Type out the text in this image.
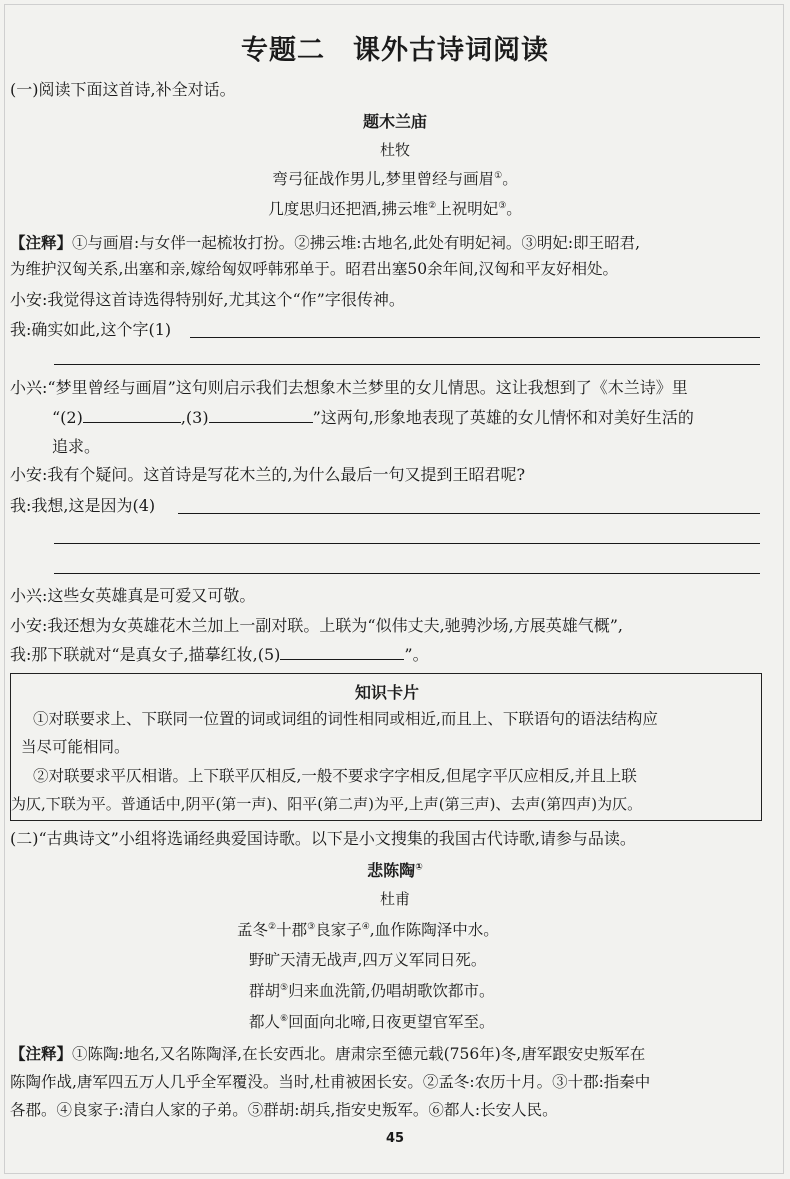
专题二　课外古诗词阅读
(一)阅读下面这首诗,补全对话。
题木兰庙
杜牧
弯弓征战作男儿,梦里曾经与画眉①。
几度思归还把酒,拂云堆②上祝明妃③。
【注释】①与画眉:与女伴一起梳妆打扮。②拂云堆:古地名,此处有明妃祠。③明妃:即王昭君,
为维护汉匈关系,出塞和亲,嫁给匈奴呼韩邪单于。昭君出塞50余年间,汉匈和平友好相处。
小安:我觉得这首诗选得特别好,尤其这个“作”字很传神。
我:确实如此,这个字(1)
小兴:“梦里曾经与画眉”这句则启示我们去想象木兰梦里的女儿情思。这让我想到了《木兰诗》里
“(2)	,(3)	”这两句,形象地表现了英雄的女儿情怀和对美好生活的
追求。
小安:我有个疑问。这首诗是写花木兰的,为什么最后一句又提到王昭君呢?
我:我想,这是因为(4)
小兴:这些女英雄真是可爱又可敬。
小安:我还想为女英雄花木兰加上一副对联。上联为“似伟丈夫,驰骋沙场,方展英雄气概”,
我:那下联就对“是真女子,描摹红妆,(5)	”。
知识卡片
①对联要求上、下联同一位置的词或词组的词性相同或相近,而且上、下联语句的语法结构应
当尽可能相同。
②对联要求平仄相谐。上下联平仄相反,一般不要求字字相反,但尾字平仄应相反,并且上联
为仄,下联为平。普通话中,阴平(第一声)、阳平(第二声)为平,上声(第三声)、去声(第四声)为仄。
(二)“古典诗文”小组将选诵经典爱国诗歌。以下是小文搜集的我国古代诗歌,请参与品读。
悲陈陶①
杜甫
孟冬②十郡③良家子④,血作陈陶泽中水。
野旷天清无战声,四万义军同日死。
群胡⑤归来血洗箭,仍唱胡歌饮都市。
都人⑥回面向北啼,日夜更望官军至。
【注释】①陈陶:地名,又名陈陶泽,在长安西北。唐肃宗至德元载(756年)冬,唐军跟安史叛军在
陈陶作战,唐军四五万人几乎全军覆没。当时,杜甫被困长安。②孟冬:农历十月。③十郡:指秦中
各郡。④良家子:清白人家的子弟。⑤群胡:胡兵,指安史叛军。⑥都人:长安人民。
45
